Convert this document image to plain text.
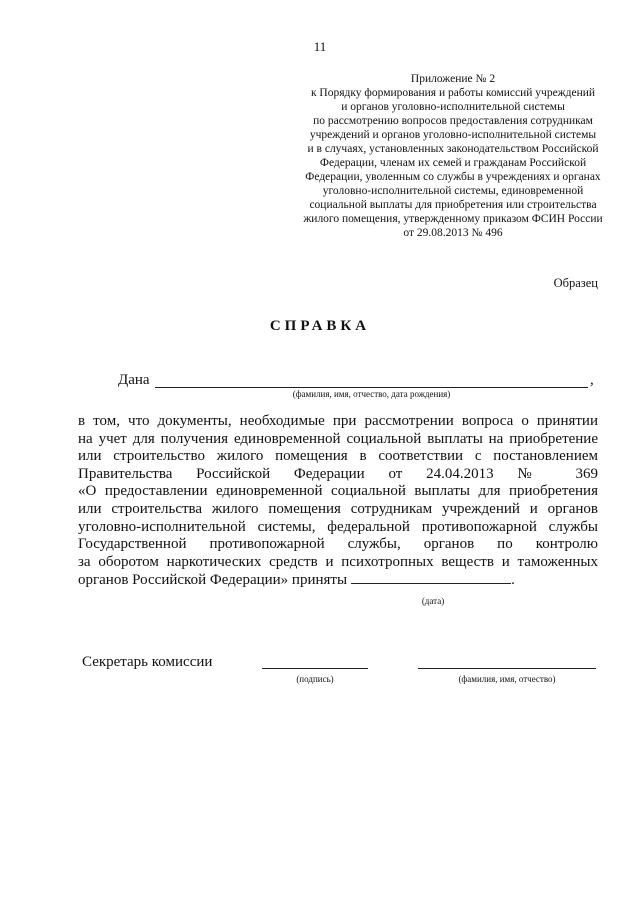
11
Приложение № 2
к Порядку формирования и работы комиссий учреждений
и органов уголовно-исполнительной системы
по рассмотрению вопросов предоставления сотрудникам
учреждений и органов уголовно-исполнительной системы
и в случаях, установленных законодательством Российской
Федерации, членам их семей и гражданам Российской
Федерации, уволенным со службы в учреждениях и органах
уголовно-исполнительной системы, единовременной
социальной выплаты для приобретения или строительства
жилого помещения, утвержденному приказом ФСИН России
от 29.08.2013 № 496
Образец
СПРАВКА
Дана	,
(фамилия, имя, отчество, дата рождения)
в том, что документы, необходимые при рассмотрении вопроса о принятии
на учет для получения единовременной социальной выплаты на приобретение
или строительство жилого помещения в соответствии с постановлением
Правительства Российской Федерации от 24.04.2013 № 369
«О предоставлении единовременной социальной выплаты для приобретения
или строительства жилого помещения сотрудникам учреждений и органов
уголовно-исполнительной системы, федеральной противопожарной службы
Государственной противопожарной службы, органов по контролю
за оборотом наркотических средств и психотропных веществ и таможенных
органов Российской Федерации» приняты	.
(дата)
Секретарь комиссии
(подпись)	(фамилия, имя, отчество)
